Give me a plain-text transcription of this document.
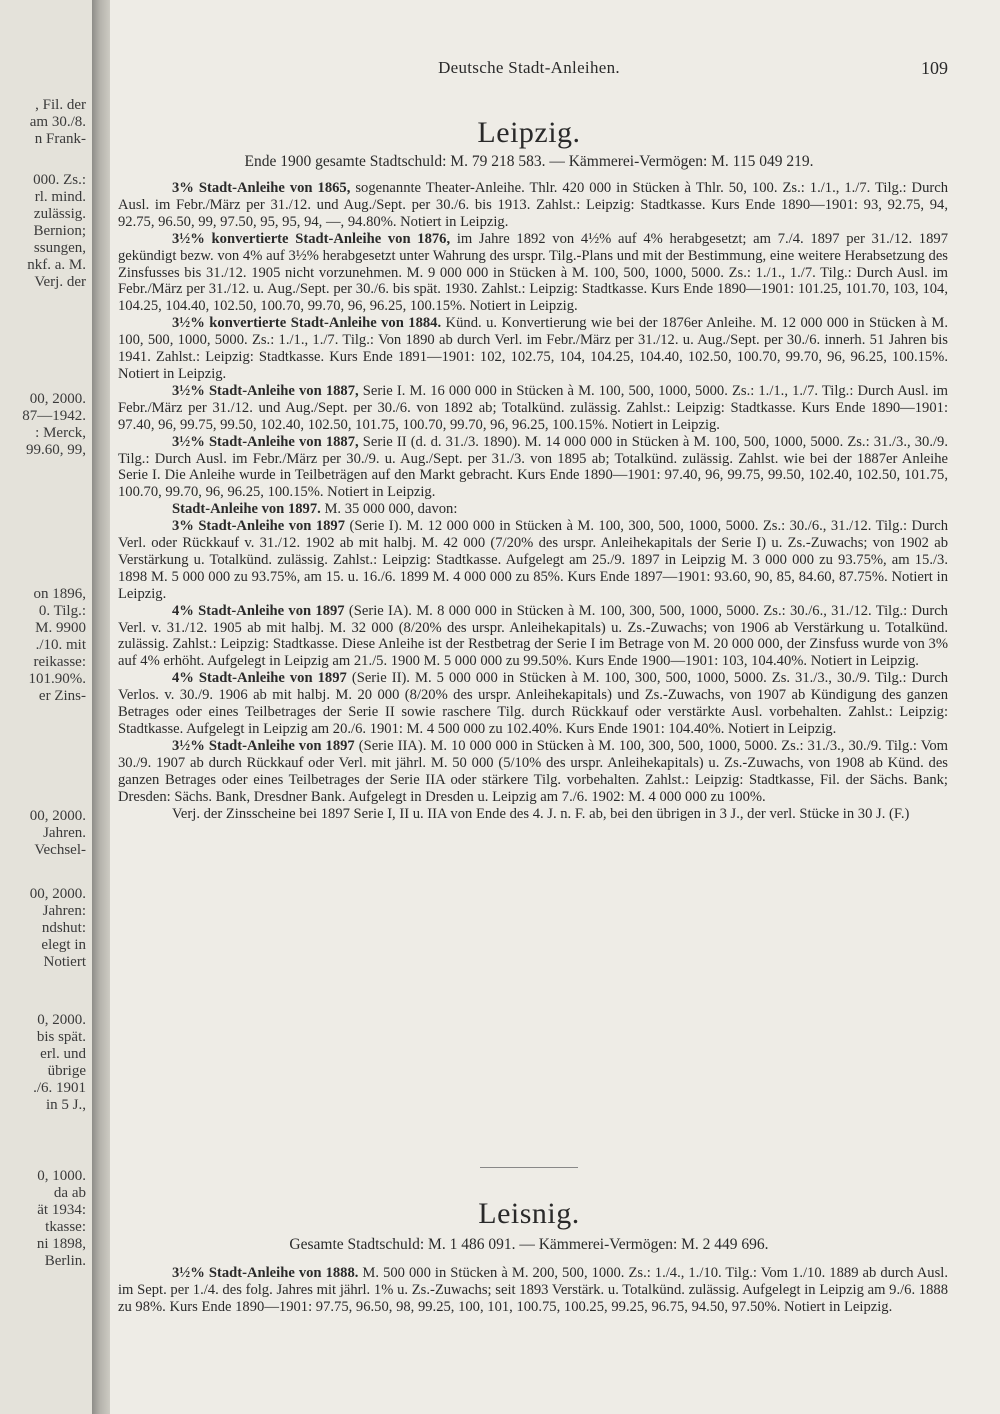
, Fil. der
am 30./8.
n Frank-
000. Zs.:
rl. mind.
zulässig.
Bernion;
ssungen,
nkf. a. M.
Verj. der
00, 2000.
87—1942.
: Merck,
99.60, 99,
on 1896,
0. Tilg.:
M. 9900
./10. mit
reikasse:
101.90%.
er Zins-
00, 2000.
Jahren.
Vechsel-
00, 2000.
Jahren:
ndshut:
elegt in
Notiert
0, 2000.
bis spät.
erl. und
übrige
./6. 1901
in 5 J.,
0, 1000.
da ab
ät 1934:
tkasse:
ni 1898,
Berlin.
Deutsche Stadt-Anleihen.	109
Leipzig.
Ende 1900 gesamte Stadtschuld: M. 79 218 583. — Kämmerei-Vermögen: M. 115 049 219.

3% Stadt-Anleihe von 1865, sogenannte Theater-Anleihe. Thlr. 420 000 in Stücken à Thlr. 50, 100. Zs.: 1./1., 1./7. Tilg.: Durch Ausl. im Febr./März per 31./12. und Aug./Sept. per 30./6. bis 1913. Zahlst.: Leipzig: Stadtkasse. Kurs Ende 1890—1901: 93, 92.75, 94, 92.75, 96.50, 99, 97.50, 95, 95, 94, —, 94.80%. Notiert in Leipzig.

3½% konvertierte Stadt-Anleihe von 1876, im Jahre 1892 von 4½% auf 4% herabgesetzt; am 7./4. 1897 per 31./12. 1897 gekündigt bezw. von 4% auf 3½% herabgesetzt unter Wahrung des urspr. Tilg.-Plans und mit der Bestimmung, eine weitere Herabsetzung des Zinsfusses bis 31./12. 1905 nicht vorzunehmen. M. 9 000 000 in Stücken à M. 100, 500, 1000, 5000. Zs.: 1./1., 1./7. Tilg.: Durch Ausl. im Febr./März per 31./12. u. Aug./Sept. per 30./6. bis spät. 1930. Zahlst.: Leipzig: Stadtkasse. Kurs Ende 1890—1901: 101.25, 101.70, 103, 104, 104.25, 104.40, 102.50, 100.70, 99.70, 96, 96.25, 100.15%. Notiert in Leipzig.

3½% konvertierte Stadt-Anleihe von 1884. Künd. u. Konvertierung wie bei der 1876er Anleihe. M. 12 000 000 in Stücken à M. 100, 500, 1000, 5000. Zs.: 1./1., 1./7. Tilg.: Von 1890 ab durch Verl. im Febr./März per 31./12. u. Aug./Sept. per 30./6. innerh. 51 Jahren bis 1941. Zahlst.: Leipzig: Stadtkasse. Kurs Ende 1891—1901: 102, 102.75, 104, 104.25, 104.40, 102.50, 100.70, 99.70, 96, 96.25, 100.15%. Notiert in Leipzig.

3½% Stadt-Anleihe von 1887, Serie I. M. 16 000 000 in Stücken à M. 100, 500, 1000, 5000. Zs.: 1./1., 1./7. Tilg.: Durch Ausl. im Febr./März per 31./12. und Aug./Sept. per 30./6. von 1892 ab; Totalkünd. zulässig. Zahlst.: Leipzig: Stadtkasse. Kurs Ende 1890—1901: 97.40, 96, 99.75, 99.50, 102.40, 102.50, 101.75, 100.70, 99.70, 96, 96.25, 100.15%. Notiert in Leipzig.

3½% Stadt-Anleihe von 1887, Serie II (d. d. 31./3. 1890). M. 14 000 000 in Stücken à M. 100, 500, 1000, 5000. Zs.: 31./3., 30./9. Tilg.: Durch Ausl. im Febr./März per 30./9. u. Aug./Sept. per 31./3. von 1895 ab; Totalkünd. zulässig. Zahlst. wie bei der 1887er Anleihe Serie I. Die Anleihe wurde in Teilbeträgen auf den Markt gebracht. Kurs Ende 1890—1901: 97.40, 96, 99.75, 99.50, 102.40, 102.50, 101.75, 100.70, 99.70, 96, 96.25, 100.15%. Notiert in Leipzig.

Stadt-Anleihe von 1897. M. 35 000 000, davon:

3% Stadt-Anleihe von 1897 (Serie I). M. 12 000 000 in Stücken à M. 100, 300, 500, 1000, 5000. Zs.: 30./6., 31./12. Tilg.: Durch Verl. oder Rückkauf v. 31./12. 1902 ab mit halbj. M. 42 000 (7/20% des urspr. Anleihekapitals der Serie I) u. Zs.-Zuwachs; von 1902 ab Verstärkung u. Totalkünd. zulässig. Zahlst.: Leipzig: Stadtkasse. Aufgelegt am 25./9. 1897 in Leipzig M. 3 000 000 zu 93.75%, am 15./3. 1898 M. 5 000 000 zu 93.75%, am 15. u. 16./6. 1899 M. 4 000 000 zu 85%. Kurs Ende 1897—1901: 93.60, 90, 85, 84.60, 87.75%. Notiert in Leipzig.

4% Stadt-Anleihe von 1897 (Serie IA). M. 8 000 000 in Stücken à M. 100, 300, 500, 1000, 5000. Zs.: 30./6., 31./12. Tilg.: Durch Verl. v. 31./12. 1905 ab mit halbj. M. 32 000 (8/20% des urspr. Anleihekapitals) u. Zs.-Zuwachs; von 1906 ab Verstärkung u. Totalkünd. zulässig. Zahlst.: Leipzig: Stadtkasse. Diese Anleihe ist der Restbetrag der Serie I im Betrage von M. 20 000 000, der Zinsfuss wurde von 3% auf 4% erhöht. Aufgelegt in Leipzig am 21./5. 1900 M. 5 000 000 zu 99.50%. Kurs Ende 1900—1901: 103, 104.40%. Notiert in Leipzig.

4% Stadt-Anleihe von 1897 (Serie II). M. 5 000 000 in Stücken à M. 100, 300, 500, 1000, 5000. Zs. 31./3., 30./9. Tilg.: Durch Verlos. v. 30./9. 1906 ab mit halbj. M. 20 000 (8/20% des urspr. Anleihekapitals) und Zs.-Zuwachs, von 1907 ab Kündigung des ganzen Betrages oder eines Teilbetrages der Serie II sowie raschere Tilg. durch Rückkauf oder verstärkte Ausl. vorbehalten. Zahlst.: Leipzig: Stadtkasse. Aufgelegt in Leipzig am 20./6. 1901: M. 4 500 000 zu 102.40%. Kurs Ende 1901: 104.40%. Notiert in Leipzig.

3½% Stadt-Anleihe von 1897 (Serie IIA). M. 10 000 000 in Stücken à M. 100, 300, 500, 1000, 5000. Zs.: 31./3., 30./9. Tilg.: Vom 30./9. 1907 ab durch Rückkauf oder Verl. mit jährl. M. 50 000 (5/10% des urspr. Anleihekapitals) u. Zs.-Zuwachs, von 1908 ab Künd. des ganzen Betrages oder eines Teilbetrages der Serie IIA oder stärkere Tilg. vorbehalten. Zahlst.: Leipzig: Stadtkasse, Fil. der Sächs. Bank; Dresden: Sächs. Bank, Dresdner Bank. Aufgelegt in Dresden u. Leipzig am 7./6. 1902: M. 4 000 000 zu 100%.

Verj. der Zinsscheine bei 1897 Serie I, II u. IIA von Ende des 4. J. n. F. ab, bei den übrigen in 3 J., der verl. Stücke in 30 J. (F.)

Leisnig.
Gesamte Stadtschuld: M. 1 486 091. — Kämmerei-Vermögen: M. 2 449 696.

3½% Stadt-Anleihe von 1888. M. 500 000 in Stücken à M. 200, 500, 1000. Zs.: 1./4., 1./10. Tilg.: Vom 1./10. 1889 ab durch Ausl. im Sept. per 1./4. des folg. Jahres mit jährl. 1% u. Zs.-Zuwachs; seit 1893 Verstärk. u. Totalkünd. zulässig. Aufgelegt in Leipzig am 9./6. 1888 zu 98%. Kurs Ende 1890—1901: 97.75, 96.50, 98, 99.25, 100, 101, 100.75, 100.25, 99.25, 96.75, 94.50, 97.50%. Notiert in Leipzig.
